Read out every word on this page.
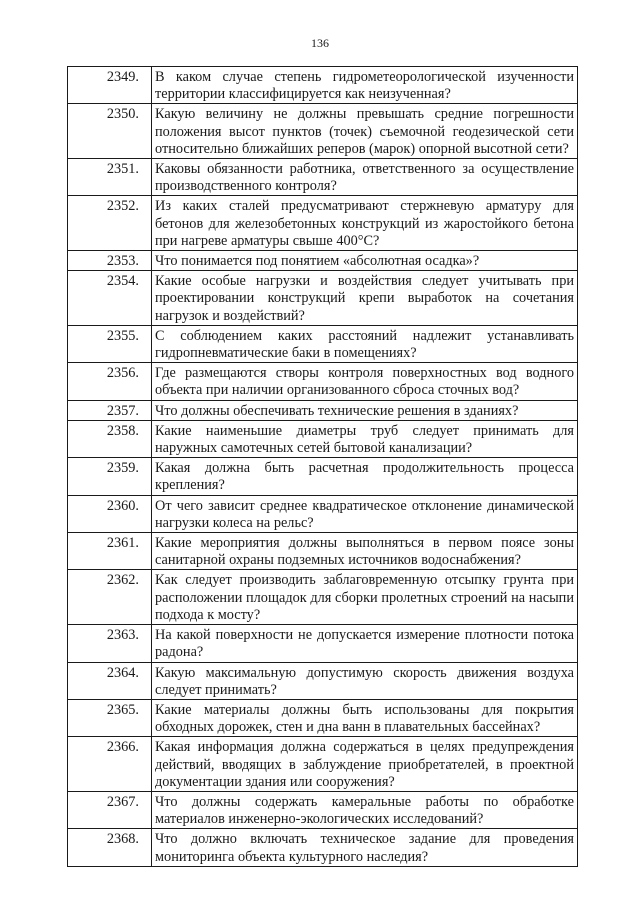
136
2349.	В каком случае степень гидрометеорологической изученности территории классифицируется как неизученная?
2350.	Какую величину не должны превышать средние погрешности положения высот пунктов (точек) съемочной геодезической сети относительно ближайших реперов (марок) опорной высотной сети?
2351.	Каковы обязанности работника, ответственного за осуществление производственного контроля?
2352.	Из каких сталей предусматривают стержневую арматуру для бетонов для железобетонных конструкций из жаростойкого бетона при нагреве арматуры свыше 400°C?
2353.	Что понимается под понятием «абсолютная осадка»?
2354.	Какие особые нагрузки и воздействия следует учитывать при проектировании конструкций крепи выработок на сочетания нагрузок и воздействий?
2355.	С соблюдением каких расстояний надлежит устанавливать гидропневматические баки в помещениях?
2356.	Где размещаются створы контроля поверхностных вод водного объекта при наличии организованного сброса сточных вод?
2357.	Что должны обеспечивать технические решения в зданиях?
2358.	Какие наименьшие диаметры труб следует принимать для наружных самотечных сетей бытовой канализации?
2359.	Какая должна быть расчетная продолжительность процесса крепления?
2360.	От чего зависит среднее квадратическое отклонение динамической нагрузки колеса на рельс?
2361.	Какие мероприятия должны выполняться в первом поясе зоны санитарной охраны подземных источников водоснабжения?
2362.	Как следует производить заблаговременную отсыпку грунта при расположении площадок для сборки пролетных строений на насыпи подхода к мосту?
2363.	На какой поверхности не допускается измерение плотности потока радона?
2364.	Какую максимальную допустимую скорость движения воздуха следует принимать?
2365.	Какие материалы должны быть использованы для покрытия обходных дорожек, стен и дна ванн в плавательных бассейнах?
2366.	Какая информация должна содержаться в целях предупреждения действий, вводящих в заблуждение приобретателей, в проектной документации здания или сооружения?
2367.	Что должны содержать камеральные работы по обработке материалов инженерно-экологических исследований?
2368.	Что должно включать техническое задание для проведения мониторинга объекта культурного наследия?
